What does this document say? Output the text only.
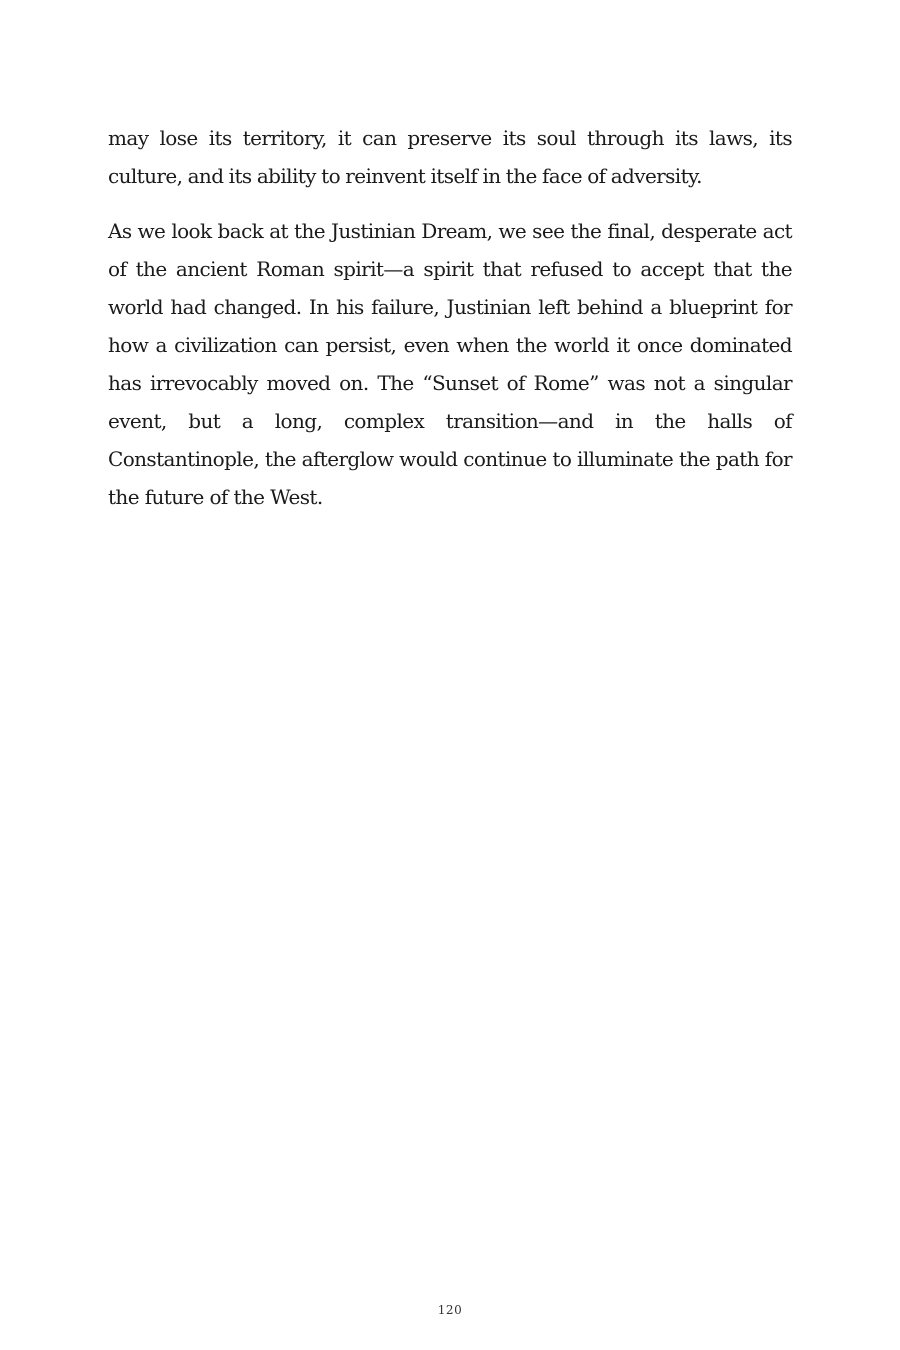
may lose its territory, it can preserve its soul through its laws, its culture, and its ability to reinvent itself in the face of adversity.

As we look back at the Justinian Dream, we see the final, desperate act of the ancient Roman spirit—a spirit that refused to accept that the world had changed. In his failure, Justinian left behind a blueprint for how a civilization can persist, even when the world it once dominated has irrevocably moved on. The “Sunset of Rome” was not a singular event, but a long, complex transition—and in the halls of Constantinople, the afterglow would continue to illuminate the path for the future of the West.

120
